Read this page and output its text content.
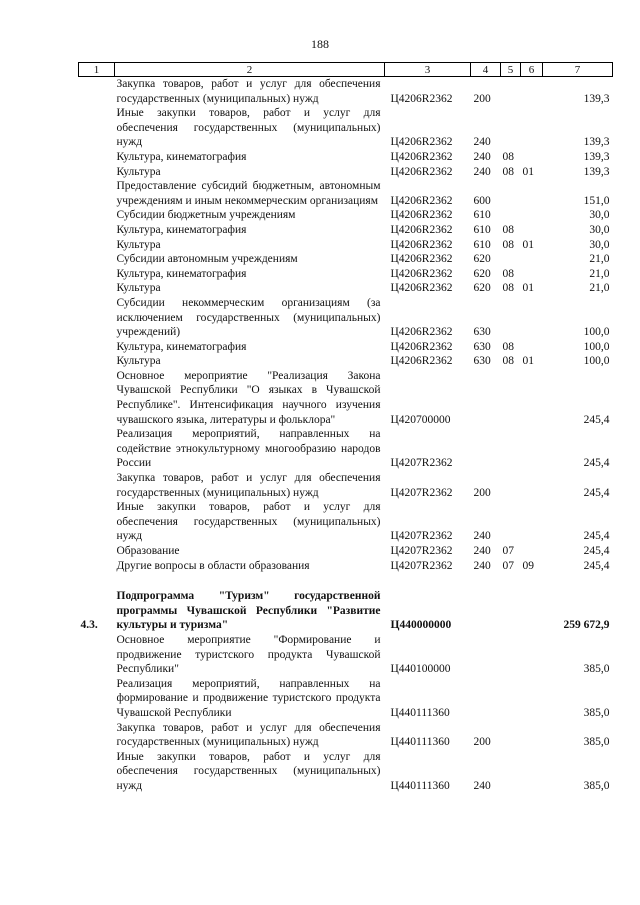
188
1	2	3	4	5	6	7
	Закупка товаров, работ и услуг для обеспечения государственных (муниципальных) нужд	Ц4206R2362	200			139,3
	Иные закупки товаров, работ и услуг для обеспечения государственных (муниципальных) нужд	Ц4206R2362	240			139,3
	Культура, кинематография	Ц4206R2362	240	08		139,3
	Культура	Ц4206R2362	240	08	01	139,3
	Предоставление субсидий бюджетным, автономным учреждениям и иным некоммерческим организациям	Ц4206R2362	600			151,0
	Субсидии бюджетным учреждениям	Ц4206R2362	610			30,0
	Культура, кинематография	Ц4206R2362	610	08		30,0
	Культура	Ц4206R2362	610	08	01	30,0
	Субсидии автономным учреждениям	Ц4206R2362	620			21,0
	Культура, кинематография	Ц4206R2362	620	08		21,0
	Культура	Ц4206R2362	620	08	01	21,0
	Субсидии некоммерческим организациям (за исключением государственных (муниципальных) учреждений)	Ц4206R2362	630			100,0
	Культура, кинематография	Ц4206R2362	630	08		100,0
	Культура	Ц4206R2362	630	08	01	100,0
	Основное мероприятие "Реализация Закона Чувашской Республики "О языках в Чувашской Республике". Интенсификация научного изучения чувашского языка, литературы и фольклора"	Ц420700000				245,4
	Реализация мероприятий, направленных на содействие этнокультурному многообразию народов России	Ц4207R2362				245,4
	Закупка товаров, работ и услуг для обеспечения государственных (муниципальных) нужд	Ц4207R2362	200			245,4
	Иные закупки товаров, работ и услуг для обеспечения государственных (муниципальных) нужд	Ц4207R2362	240			245,4
	Образование	Ц4207R2362	240	07		245,4
	Другие вопросы в области образования	Ц4207R2362	240	07	09	245,4
4.3.	Подпрограмма "Туризм" государственной программы Чувашской Республики "Развитие культуры и туризма"	Ц440000000				259 672,9
	Основное мероприятие "Формирование и продвижение туристского продукта Чувашской Республики"	Ц440100000				385,0
	Реализация мероприятий, направленных на формирование и продвижение туристского продукта Чувашской Республики	Ц440111360				385,0
	Закупка товаров, работ и услуг для обеспечения государственных (муниципальных) нужд	Ц440111360	200			385,0
	Иные закупки товаров, работ и услуг для обеспечения государственных (муниципальных) нужд	Ц440111360	240			385,0
